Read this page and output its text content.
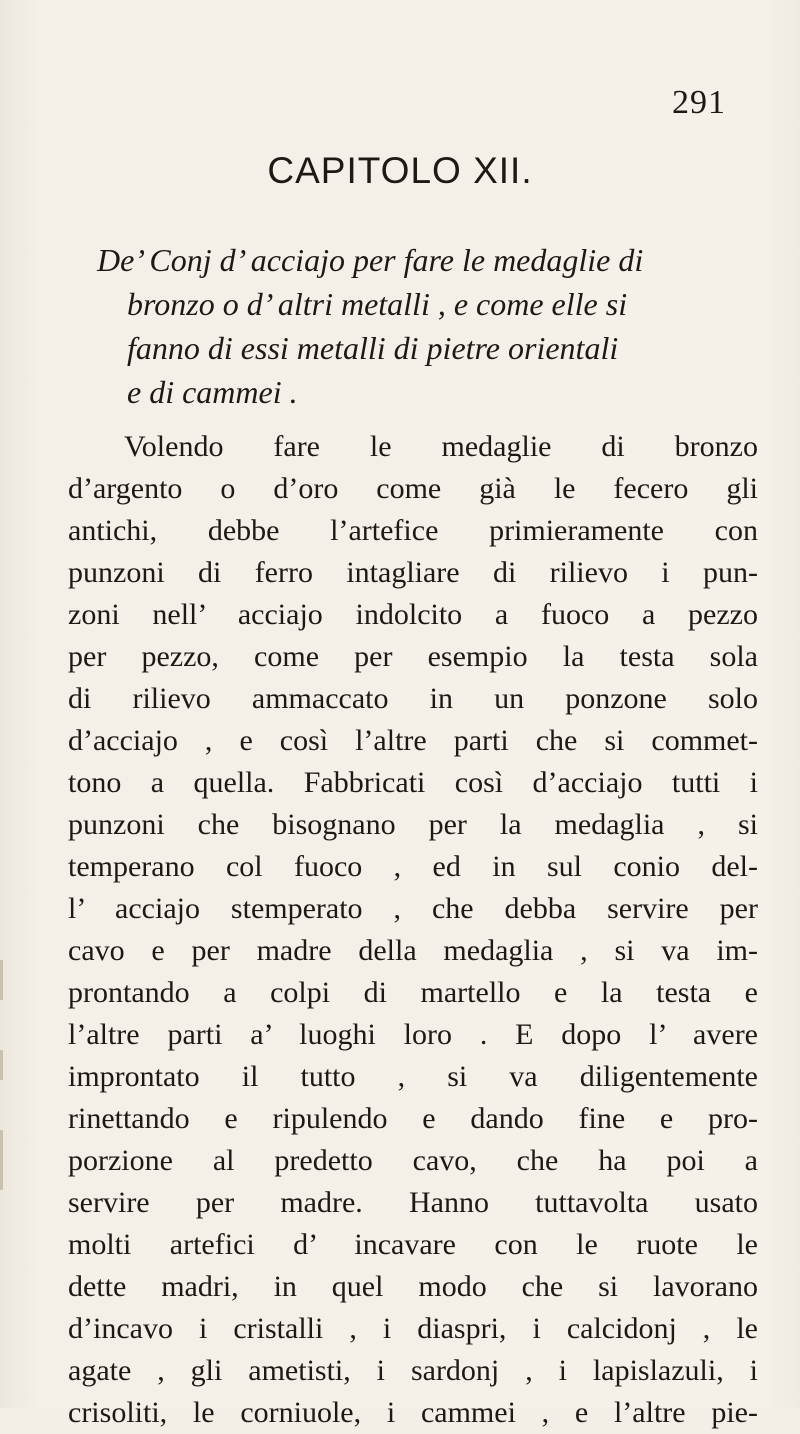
291
CAPITOLO XII.
De’ Conj d’ acciajo per fare le medaglie di
bronzo o d’ altri metalli , e come elle si
fanno di essi metalli di pietre orientali
e di cammei .
Volendo fare le medaglie di bronzo
d’argento o d’oro come già le fecero gli
antichi, debbe l’artefice primieramente con
punzoni di ferro intagliare di rilievo i pun-
zoni nell’ acciajo indolcito a fuoco a pezzo
per pezzo, come per esempio la testa sola
di rilievo ammaccato in un ponzone solo
d’acciajo , e così l’altre parti che si commet-
tono a quella. Fabbricati così d’acciajo tutti i
punzoni che bisognano per la medaglia , si
temperano col fuoco , ed in sul conio del-
l’ acciajo stemperato , che debba servire per
cavo e per madre della medaglia , si va im-
prontando a colpi di martello e la testa e
l’altre parti a’ luoghi loro . E dopo l’ avere
improntato il tutto , si va diligentemente
rinettando e ripulendo e dando fine e pro-
porzione al predetto cavo, che ha poi a
servire per madre. Hanno tuttavolta usato
molti artefici d’ incavare con le ruote le
dette madri, in quel modo che si lavorano
d’incavo i cristalli , i diaspri, i calcidonj , le
agate , gli ametisti, i sardonj , i lapislazuli, i
crisoliti, le corniuole, i cammei , e l’altre pie-
